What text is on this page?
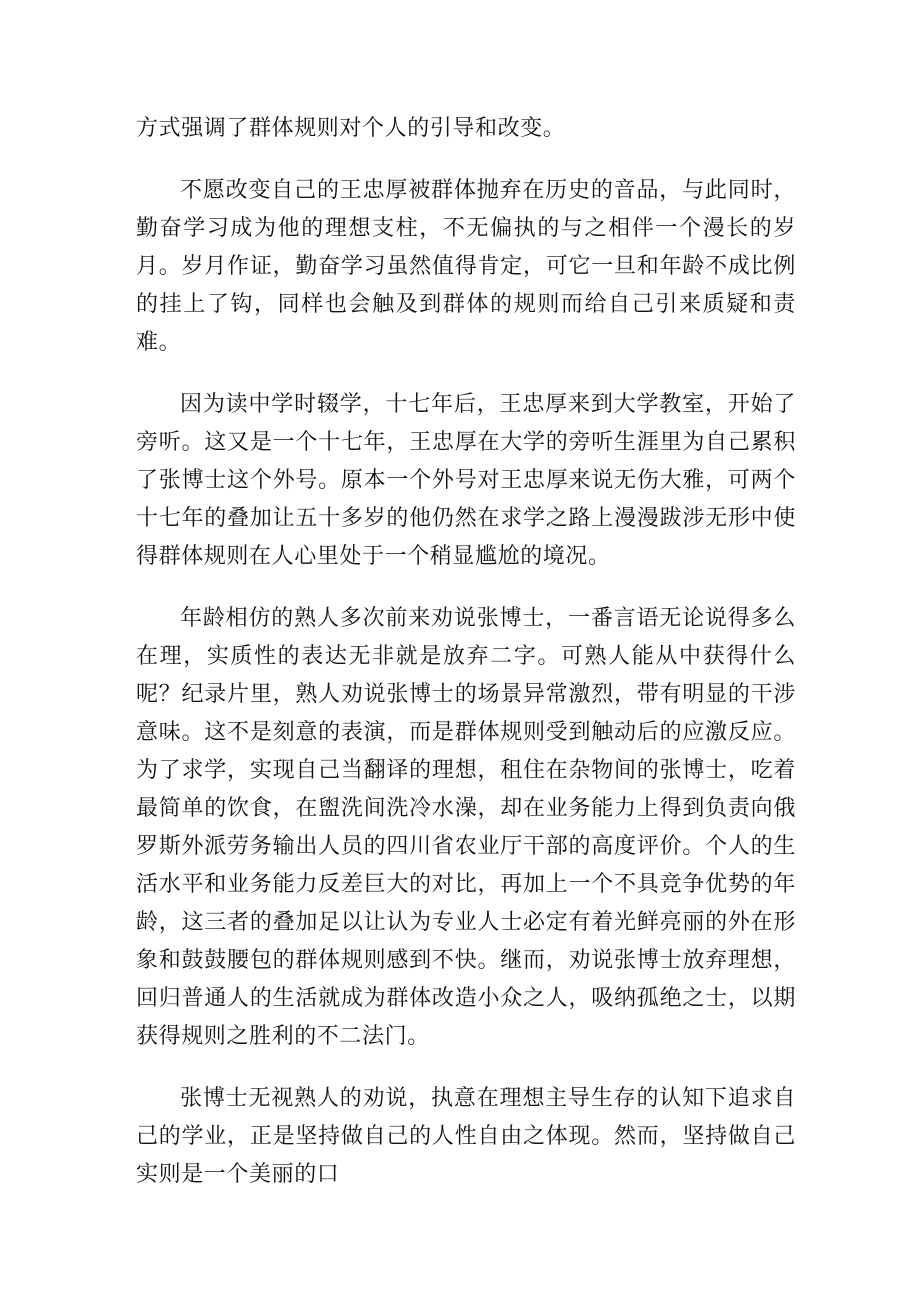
方式强调了群体规则对个人的引导和改变。

不愿改变自己的王忠厚被群体抛弃在历史的音品，与此同时，勤奋学习成为他的理想支柱，不无偏执的与之相伴一个漫长的岁月。岁月作证，勤奋学习虽然值得肯定，可它一旦和年龄不成比例的挂上了钩，同样也会触及到群体的规则而给自己引来质疑和责难。

因为读中学时辍学，十七年后，王忠厚来到大学教室，开始了旁听。这又是一个十七年，王忠厚在大学的旁听生涯里为自己累积了张博士这个外号。原本一个外号对王忠厚来说无伤大雅，可两个十七年的叠加让五十多岁的他仍然在求学之路上漫漫跋涉无形中使得群体规则在人心里处于一个稍显尴尬的境况。

年龄相仿的熟人多次前来劝说张博士，一番言语无论说得多么在理，实质性的表达无非就是放弃二字。可熟人能从中获得什么呢？纪录片里，熟人劝说张博士的场景异常激烈，带有明显的干涉意味。这不是刻意的表演，而是群体规则受到触动后的应激反应。为了求学，实现自己当翻译的理想，租住在杂物间的张博士，吃着最简单的饮食，在盥洗间洗冷水澡，却在业务能力上得到负责向俄罗斯外派劳务输出人员的四川省农业厅干部的高度评价。个人的生活水平和业务能力反差巨大的对比，再加上一个不具竞争优势的年龄，这三者的叠加足以让认为专业人士必定有着光鲜亮丽的外在形象和鼓鼓腰包的群体规则感到不快。继而，劝说张博士放弃理想，回归普通人的生活就成为群体改造小众之人，吸纳孤绝之士，以期获得规则之胜利的不二法门。

张博士无视熟人的劝说，执意在理想主导生存的认知下追求自己的学业，正是坚持做自己的人性自由之体现。然而，坚持做自己实则是一个美丽的口
